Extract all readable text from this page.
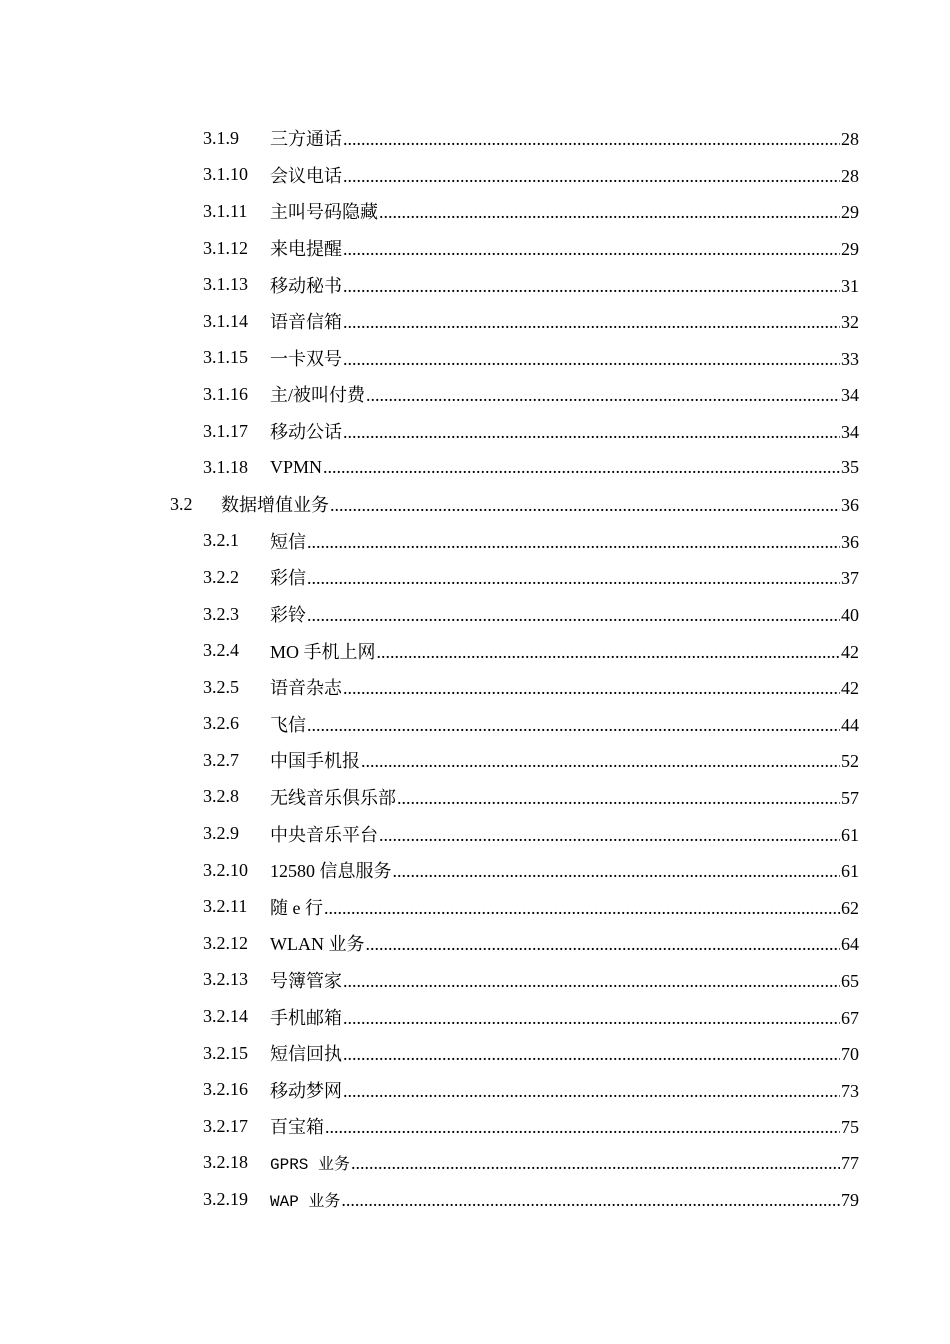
3.1.9 三方通话 .....	28
3.1.10 会议电话 .....	28
3.1.11 主叫号码隐藏 .....	29
3.1.12 来电提醒 .....	29
3.1.13 移动秘书 .....	31
3.1.14 语音信箱 .....	32
3.1.15 一卡双号 .....	33
3.1.16 主/被叫付费 .....	34
3.1.17 移动公话 .....	34
3.1.18 VPMN .....	35
3.2 数据增值业务 .....	36
3.2.1 短信 .....	36
3.2.2 彩信 .....	37
3.2.3 彩铃 .....	40
3.2.4 MO 手机上网 .....	42
3.2.5 语音杂志 .....	42
3.2.6 飞信 .....	44
3.2.7 中国手机报 .....	52
3.2.8 无线音乐俱乐部 .....	57
3.2.9 中央音乐平台 .....	61
3.2.10 12580 信息服务 .....	61
3.2.11 随 e 行 .....	62
3.2.12 WLAN 业务 .....	64
3.2.13 号簿管家 .....	65
3.2.14 手机邮箱 .....	67
3.2.15 短信回执 .....	70
3.2.16 移动梦网 .....	73
3.2.17 百宝箱 .....	75
3.2.18 GPRS 业务 .....	77
3.2.19 WAP 业务 .....	79
